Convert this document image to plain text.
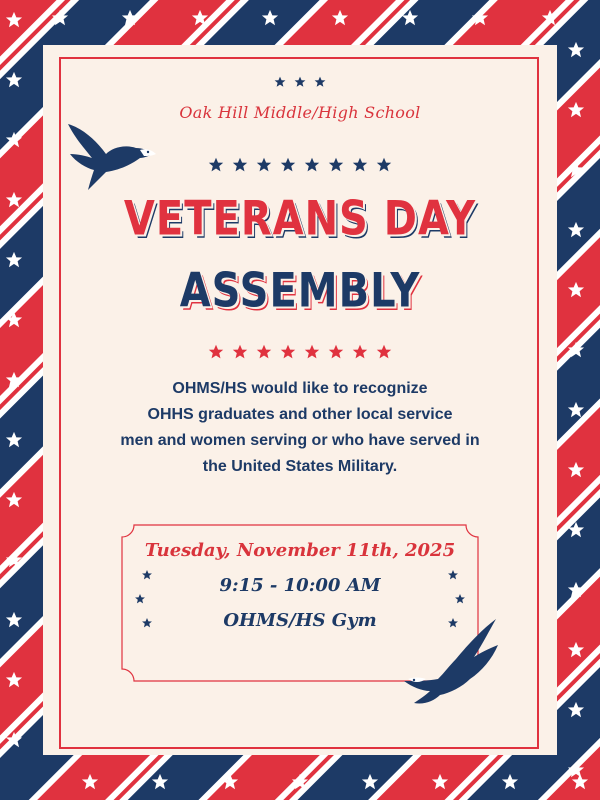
Oak Hill Middle/High School
VETERANS DAY
ASSEMBLY
OHMS/HS would like to recognize
OHHS graduates and other local service
men and women serving or who have served in
the United States Military.
Tuesday, November 11th, 2025
9:15 - 10:00 AM
OHMS/HS Gym
